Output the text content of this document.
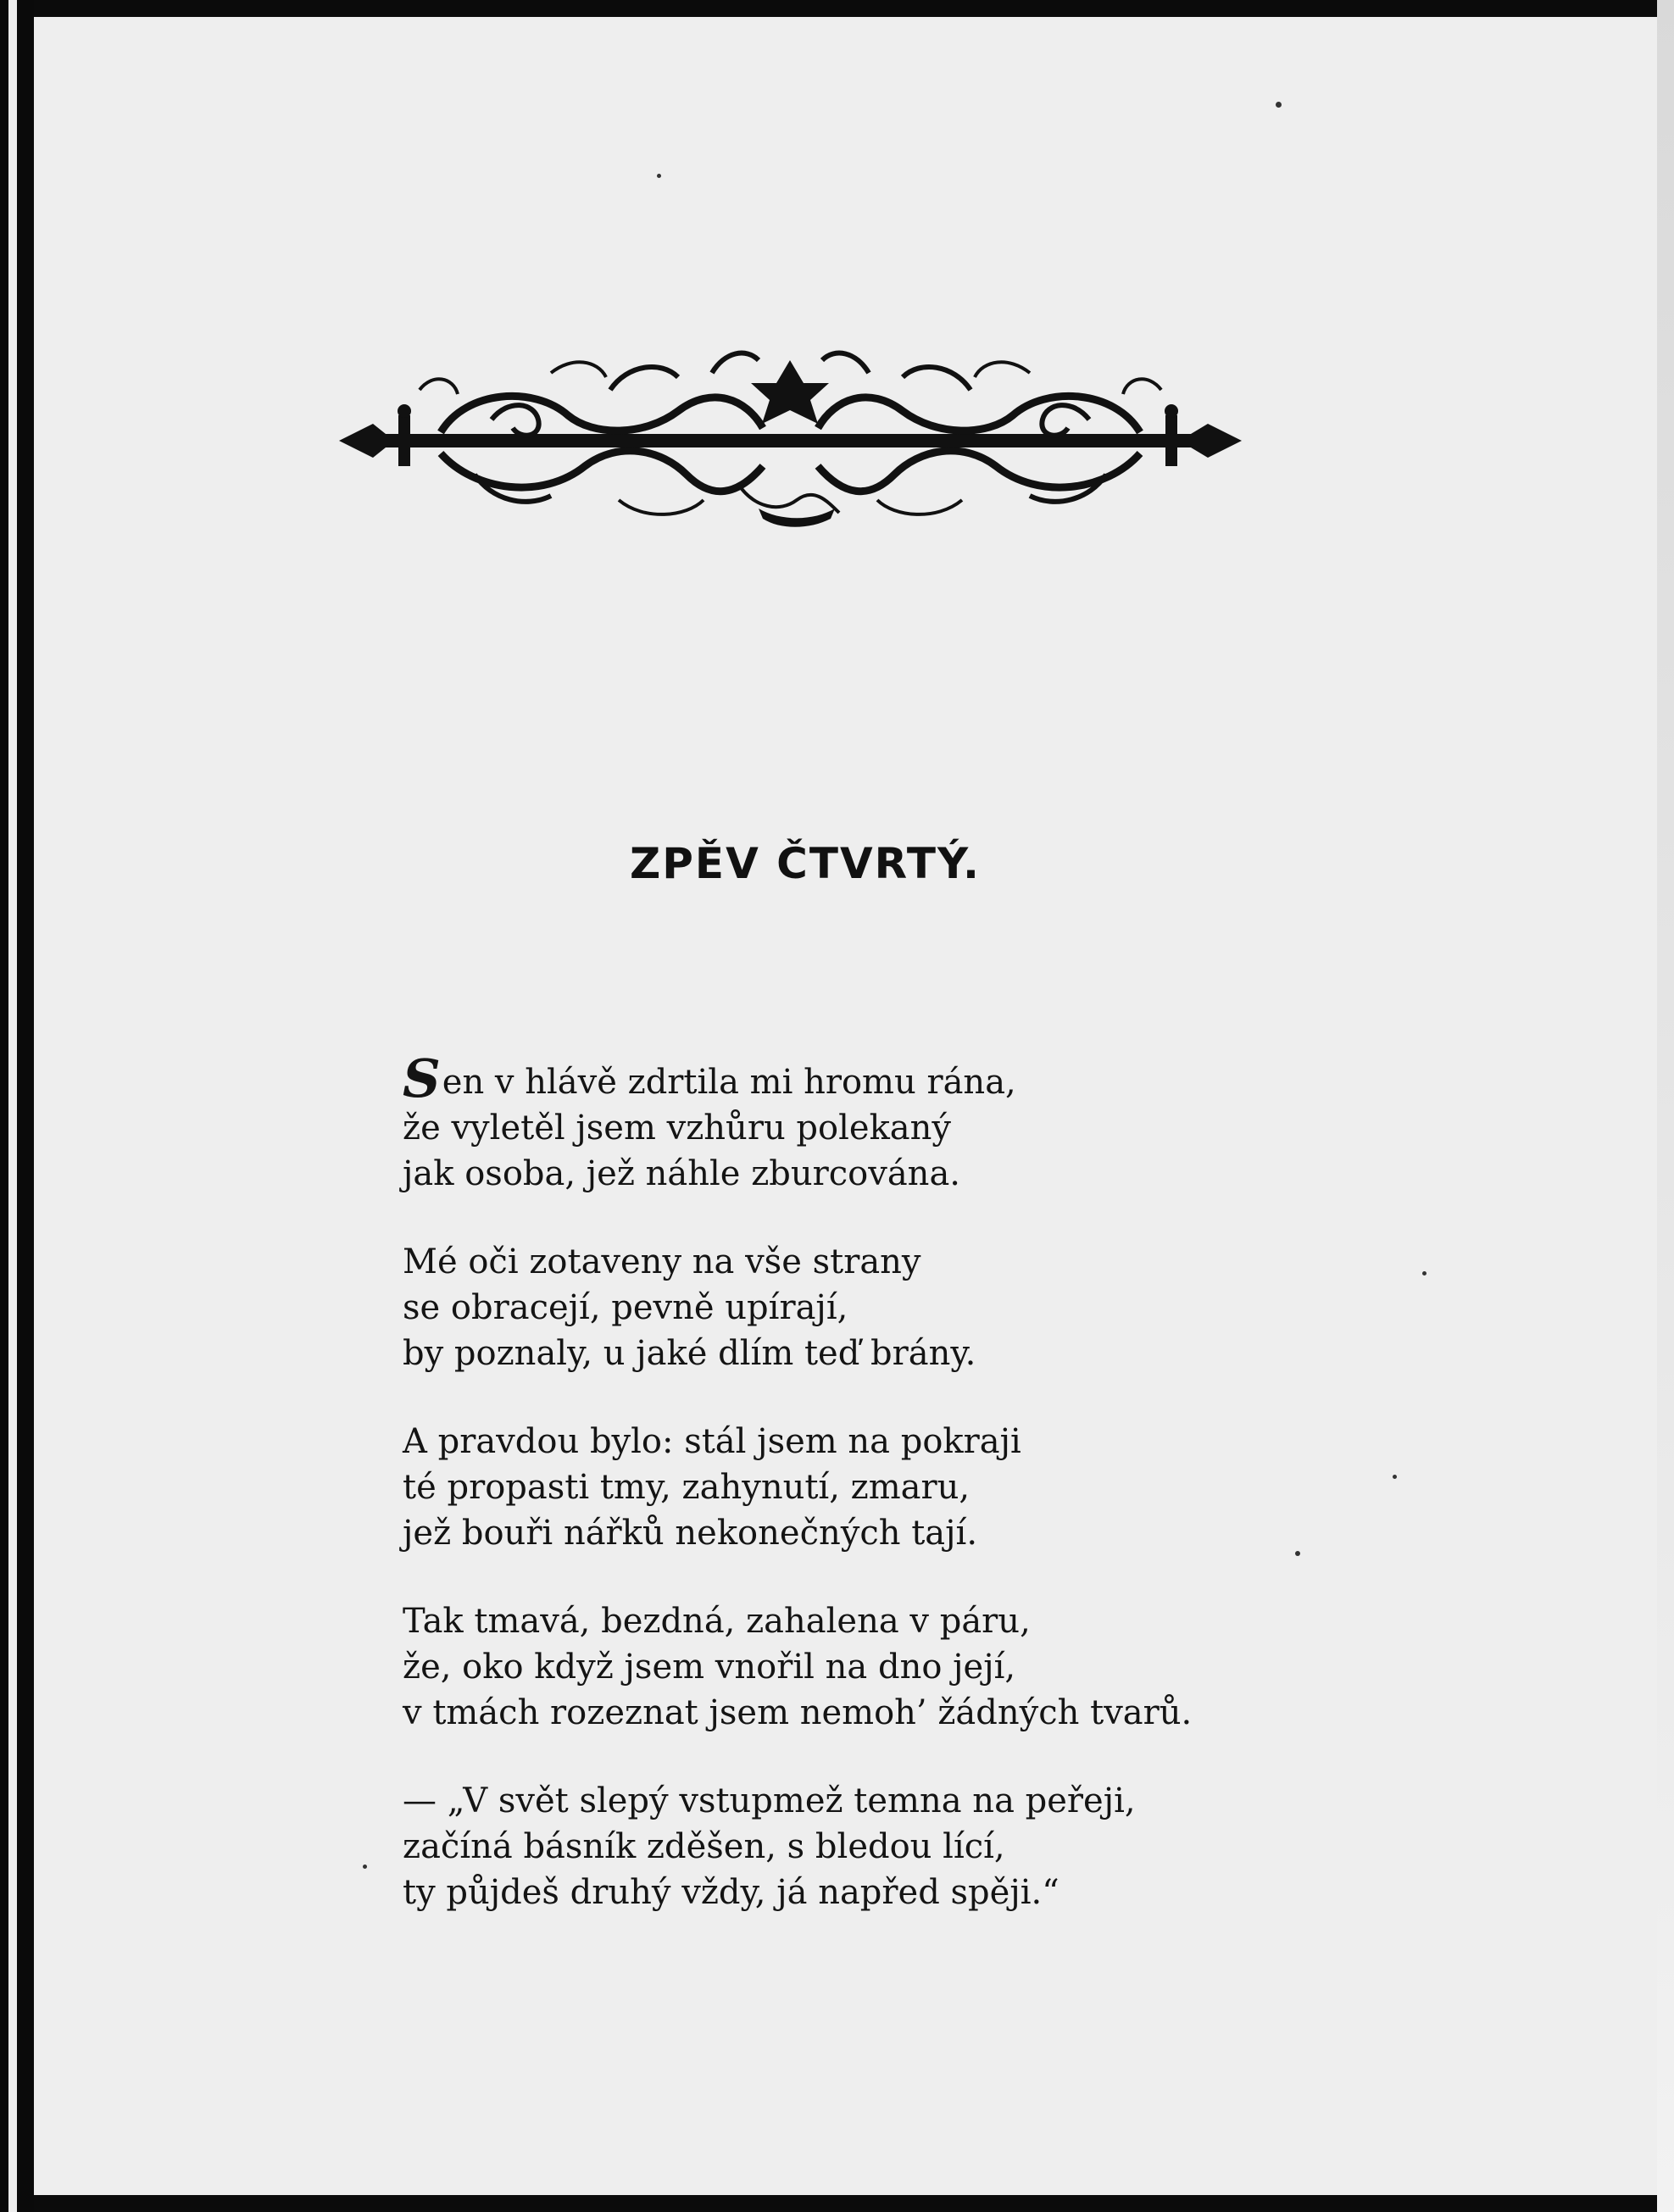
ZPĚV ČTVRTÝ.
Sen v hlávě zdrtila mi hromu rána,
že vyletěl jsem vzhůru polekaný
jak osoba, jež náhle zburcována.
Mé oči zotaveny na vše strany
se obracejí, pevně upírají,
by poznaly, u jaké dlím teď brány.
A pravdou bylo: stál jsem na pokraji
té propasti tmy, zahynutí, zmaru,
jež bouři nářků nekonečných tají.
Tak tmavá, bezdná, zahalena v páru,
že, oko když jsem vnořil na dno její,
v tmách rozeznat jsem nemoh’ žádných tvarů.
— „V svět slepý vstupmež temna na peřeji,
začíná básník zděšen, s bledou lící,
ty půjdeš druhý vždy, já napřed spěji.“
